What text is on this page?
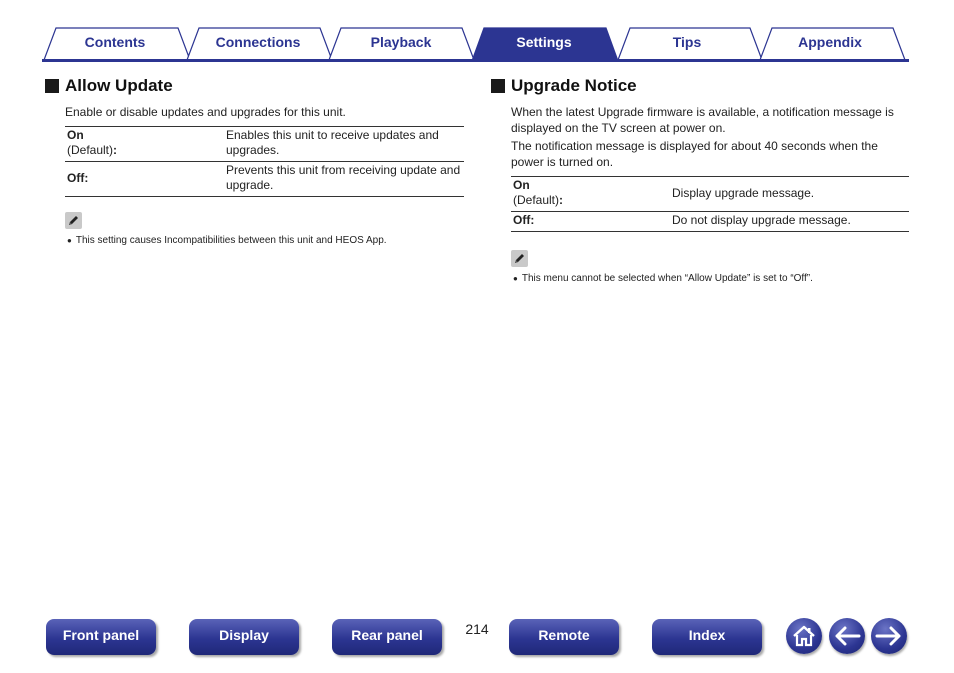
Contents	Connections	Playback	Settings	Tips	Appendix
Allow Update

Enable or disable updates and upgrades for this unit.

On
(Default):	Enables this unit to receive updates and upgrades.
Off:	Prevents this unit from receiving update and upgrade.
● This setting causes Incompatibilities between this unit and HEOS App.
Upgrade Notice

When the latest Upgrade firmware is available, a notification message is displayed on the TV screen at power on.

The notification message is displayed for about 40 seconds when the power is turned on.

On
(Default):	Display upgrade message.
Off:	Do not display upgrade message.
● This menu cannot be selected when “Allow Update” is set to “Off”.
Front panel	Display	Rear panel	214	Remote	Index
